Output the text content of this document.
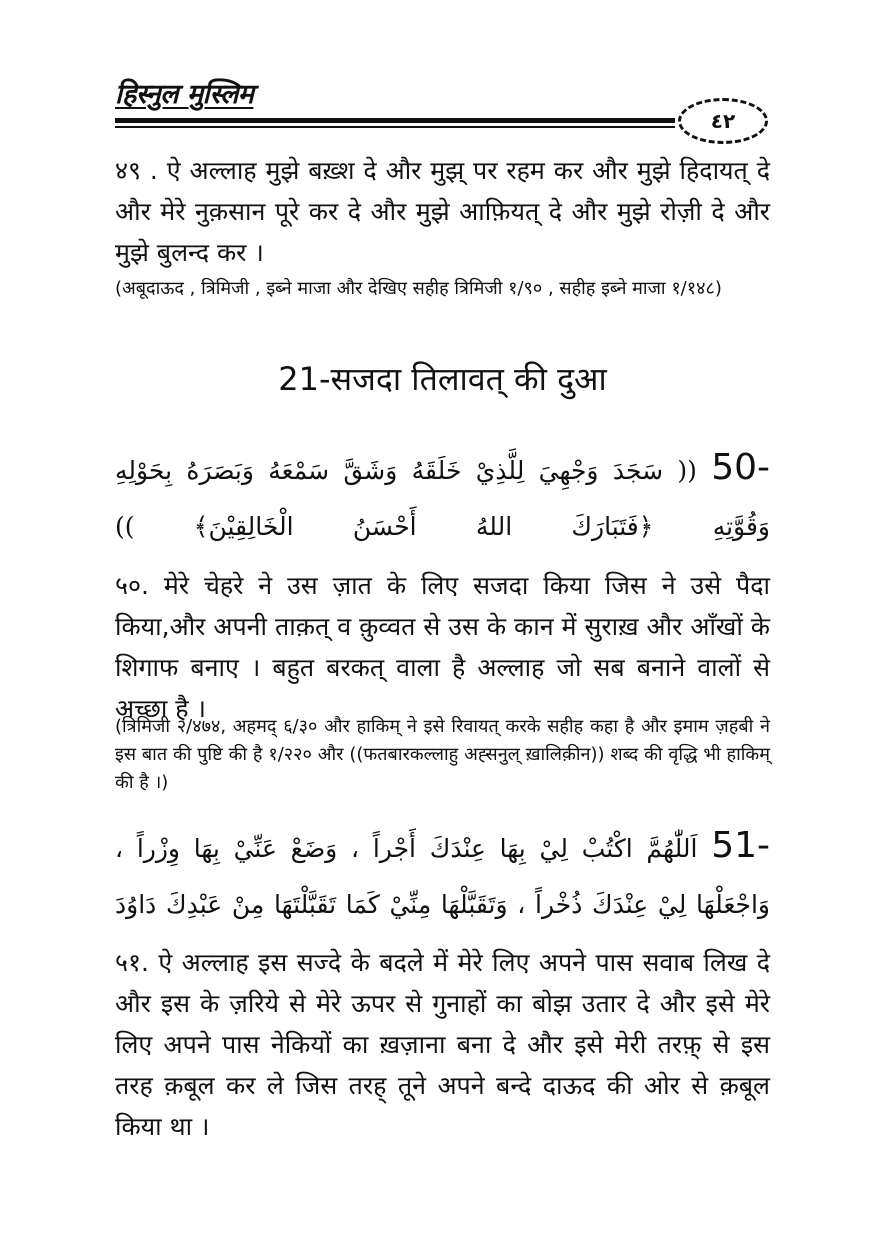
हिस्नुल मुस्लिम
٤٢
४९ . ऐ अल्लाह मुझे बख़्श दे और मुझ् पर रहम कर और मुझे हिदायत् दे और मेरे नुक़सान पूरे कर दे और मुझे आफ़ियत् दे और मुझे रोज़ी दे और मुझे बुलन्द कर ।
(अबूदाऊद , त्रिमिजी , इब्ने माजा और देखिए सहीह त्रिमिजी १/९० , सहीह इब्ने माजा १/१४८)
21-सजदा तिलावत् की दुआ
50- (( سَجَدَ وَجْهِيَ لِلَّذِيْ خَلَقَهُ وَشَقَّ سَمْعَهُ وَبَصَرَهُ بِحَوْلِهِ وَقُوَّتِهِ ﴿فَتَبَارَكَ اللهُ أَحْسَنُ الْخَالِقِيْنَ﴾ ))
५०. मेरे चेहरे ने उस ज़ात के लिए सजदा किया जिस ने उसे पैदा किया,और अपनी ताक़त् व क़ुव्वत से उस के कान में सुराख़ और आँखों के शिगाफ बनाए । बहुत बरकत् वाला है अल्लाह जो सब बनाने वालों से अच्छा है ।
(त्रिमिजी २/४७४, अहमद् ६/३० और हाकिम् ने इसे रिवायत् करके सहीह कहा है और इमाम ज़हबी ने इस बात की पुष्टि की है १/२२० और ((फतबारकल्लाहु अह्सनुल् ख़ालिक़ीन)) शब्द की वृद्धि भी हाकिम् की है ।)
51- اَللّٰهُمَّ اكْتُبْ لِيْ بِهَا عِنْدَكَ أَجْراً ، وَضَعْ عَنِّيْ بِهَا وِزْراً ، وَاجْعَلْهَا لِيْ عِنْدَكَ ذُخْراً ، وَتَقَبَّلْهَا مِنِّيْ كَمَا تَقَبَّلْتَهَا مِنْ عَبْدِكَ دَاوُدَ
५१. ऐ अल्लाह इस सज्दे के बदले में मेरे लिए अपने पास सवाब लिख दे और इस के ज़रिये से मेरे ऊपर से गुनाहों का बोझ उतार दे और इसे मेरे लिए अपने पास नेकियों का ख़ज़ाना बना दे और इसे मेरी तरफ़् से इस तरह क़बूल कर ले जिस तरह् तूने अपने बन्दे दाऊद की ओर से क़बूल किया था ।
